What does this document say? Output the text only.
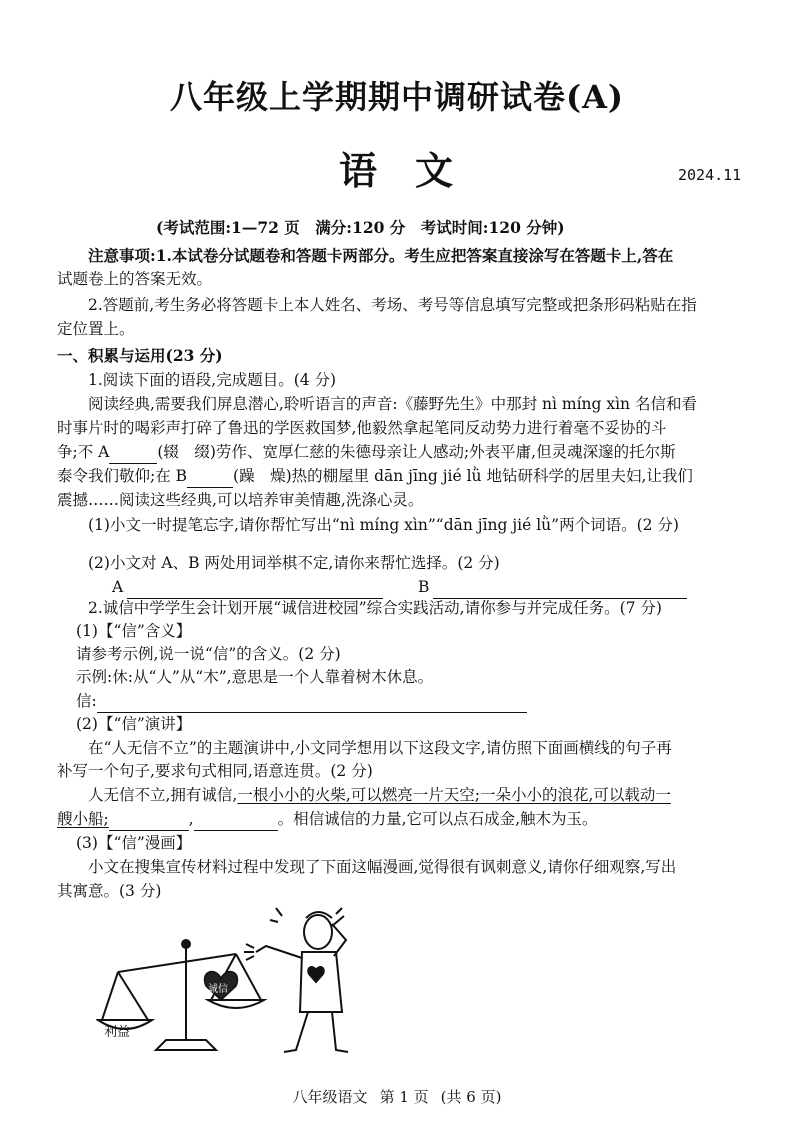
八年级上学期期中调研试卷(A)
语 文	2024.11
(考试范围:1—72 页　满分:120 分　考试时间:120 分钟)
注意事项:1.本试卷分试题卷和答题卡两部分。考生应把答案直接涂写在答题卡上,答在
试题卷上的答案无效。
2.答题前,考生务必将答题卡上本人姓名、考场、考号等信息填写完整或把条形码粘贴在指
定位置上。
一、积累与运用(23 分)
1.阅读下面的语段,完成题目。(4 分)
阅读经典,需要我们屏息潜心,聆听语言的声音:《藤野先生》中那封 nì míng xìn 名信和看
时事片时的喝彩声打碎了鲁迅的学医救国梦,他毅然拿起笔同反动势力进行着毫不妥协的斗
争;不 A	(辍　缀)劳作、宽厚仁慈的朱德母亲让人感动;外表平庸,但灵魂深邃的托尔斯
泰令我们敬仰;在 B	(躁　燥)热的棚屋里 dān jīng jié lǜ 地钻研科学的居里夫妇,让我们
震撼……阅读这些经典,可以培养审美情趣,洗涤心灵。
(1)小文一时提笔忘字,请你帮忙写出“nì míng xìn”“dān jīng jié lǜ”两个词语。(2 分)
(2)小文对 A、B 两处用词举棋不定,请你来帮忙选择。(2 分)
A	B
2.诚信中学学生会计划开展“诚信进校园”综合实践活动,请你参与并完成任务。(7 分)
(1)【“信”含义】
请参考示例,说一说“信”的含义。(2 分)
示例:休:从“人”从“木”,意思是一个人靠着树木休息。
信:
(2)【“信”演讲】
在“人无信不立”的主题演讲中,小文同学想用以下这段文字,请仿照下面画横线的句子再
补写一个句子,要求句式相同,语意连贯。(2 分)
人无信不立,拥有诚信,一根小小的火柴,可以燃亮一片天空;一朵小小的浪花,可以载动一
艘小船;	,	。相信诚信的力量,它可以点石成金,触木为玉。
(3)【“信”漫画】
小文在搜集宣传材料过程中发现了下面这幅漫画,觉得很有讽刺意义,请你仔细观察,写出
其寓意。(3 分)
利益
诚信
八年级语文 第 1 页 (共 6 页)
